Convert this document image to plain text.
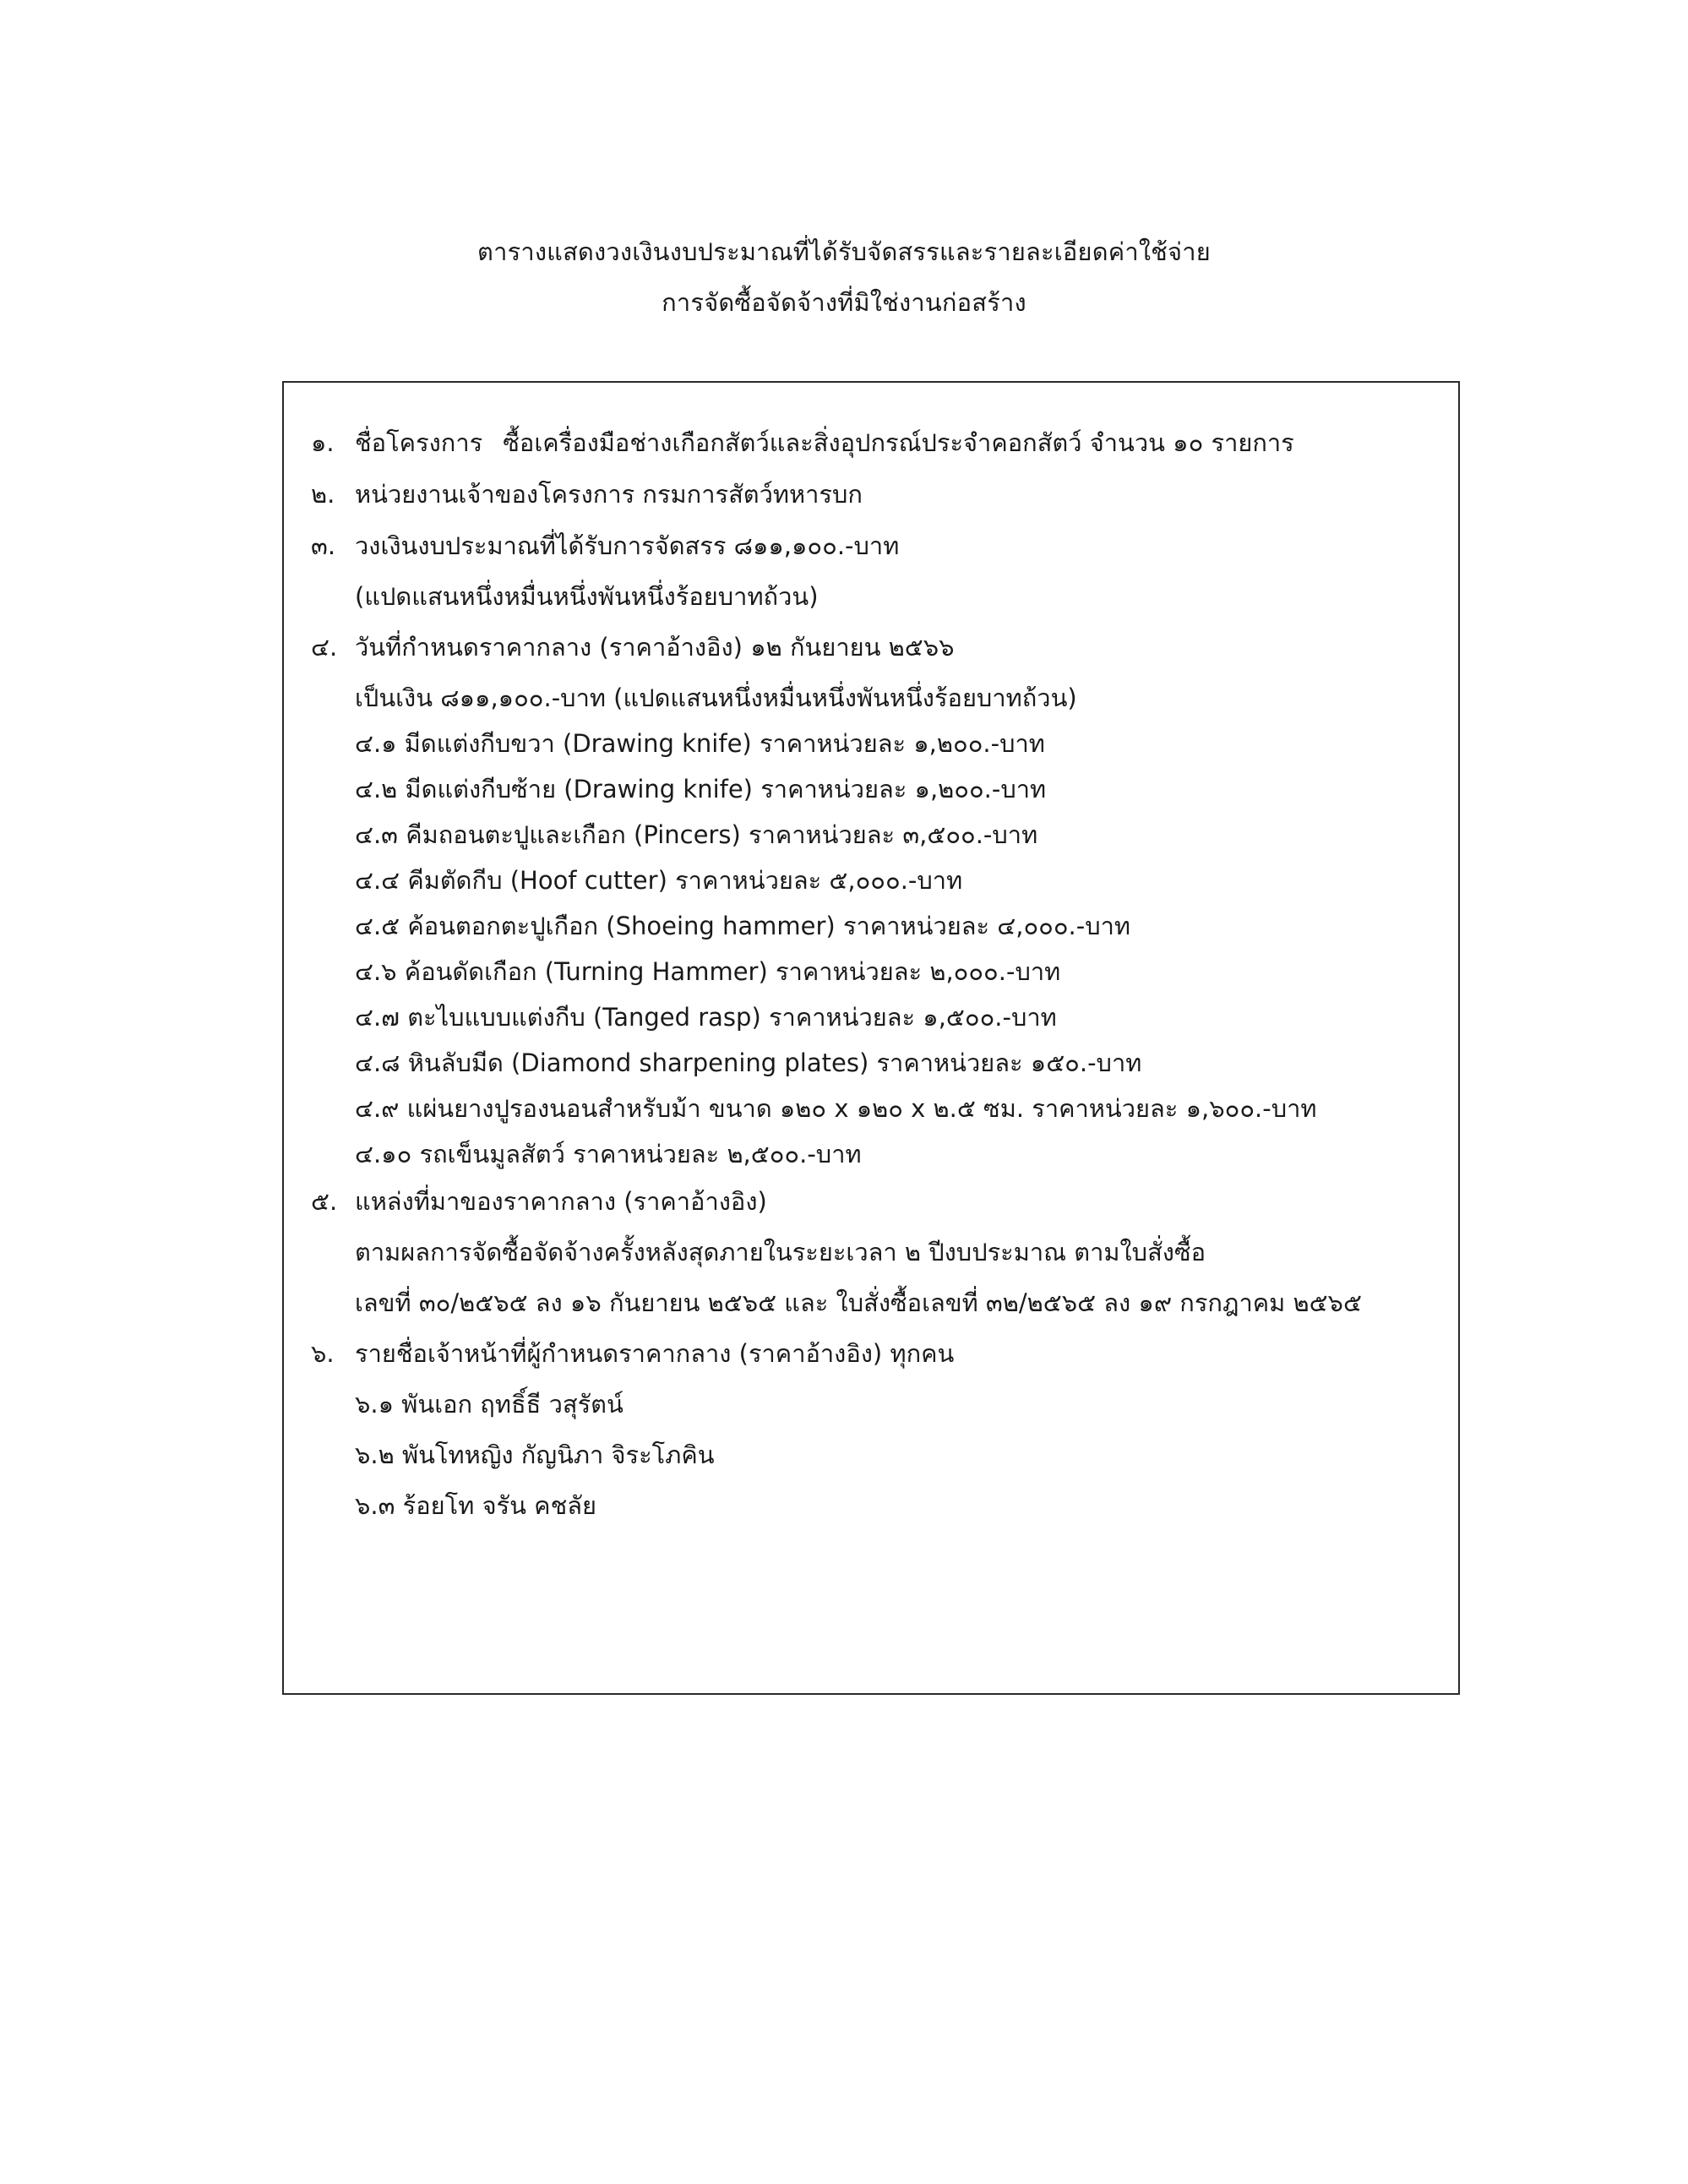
ตารางแสดงวงเงินงบประมาณที่ได้รับจัดสรรและรายละเอียดค่าใช้จ่าย
การจัดซื้อจัดจ้างที่มิใช่งานก่อสร้าง
๑. ชื่อโครงการ ซื้อเครื่องมือช่างเกือกสัตว์และสิ่งอุปกรณ์ประจำคอกสัตว์ จำนวน ๑๐ รายการ
๒. หน่วยงานเจ้าของโครงการ กรมการสัตว์ทหารบก
๓. วงเงินงบประมาณที่ได้รับการจัดสรร ๘๑๑,๑๐๐.-บาท
(แปดแสนหนึ่งหมื่นหนึ่งพันหนึ่งร้อยบาทถ้วน)
๔. วันที่กำหนดราคากลาง (ราคาอ้างอิง) ๑๒ กันยายน ๒๕๖๖
เป็นเงิน ๘๑๑,๑๐๐.-บาท (แปดแสนหนึ่งหมื่นหนึ่งพันหนึ่งร้อยบาทถ้วน)
๔.๑ มีดแต่งกีบขวา (Drawing knife) ราคาหน่วยละ ๑,๒๐๐.-บาท
๔.๒ มีดแต่งกีบซ้าย (Drawing knife) ราคาหน่วยละ ๑,๒๐๐.-บาท
๔.๓ คีมถอนตะปูและเกือก (Pincers) ราคาหน่วยละ ๓,๕๐๐.-บาท
๔.๔ คีมตัดกีบ (Hoof cutter) ราคาหน่วยละ ๕,๐๐๐.-บาท
๔.๕ ค้อนตอกตะปูเกือก (Shoeing hammer) ราคาหน่วยละ ๔,๐๐๐.-บาท
๔.๖ ค้อนดัดเกือก (Turning Hammer) ราคาหน่วยละ ๒,๐๐๐.-บาท
๔.๗ ตะไบแบบแต่งกีบ (Tanged rasp) ราคาหน่วยละ ๑,๕๐๐.-บาท
๔.๘ หินลับมีด (Diamond sharpening plates) ราคาหน่วยละ ๑๕๐.-บาท
๔.๙ แผ่นยางปูรองนอนสำหรับม้า ขนาด ๑๒๐ x ๑๒๐ x ๒.๕ ซม. ราคาหน่วยละ ๑,๖๐๐.-บาท
๔.๑๐ รถเข็นมูลสัตว์ ราคาหน่วยละ ๒,๕๐๐.-บาท
๕. แหล่งที่มาของราคากลาง (ราคาอ้างอิง)
ตามผลการจัดซื้อจัดจ้างครั้งหลังสุดภายในระยะเวลา ๒ ปีงบประมาณ ตามใบสั่งซื้อ
เลขที่ ๓๐/๒๕๖๕ ลง ๑๖ กันยายน ๒๕๖๕ และ ใบสั่งซื้อเลขที่ ๓๒/๒๕๖๕ ลง ๑๙ กรกฎาคม ๒๕๖๕
๖. รายชื่อเจ้าหน้าที่ผู้กำหนดราคากลาง (ราคาอ้างอิง) ทุกคน
๖.๑ พันเอก ฤทธิ์ธี วสุรัตน์
๖.๒ พันโทหญิง กัญนิภา จิระโภคิน
๖.๓ ร้อยโท จรัน คชลัย
